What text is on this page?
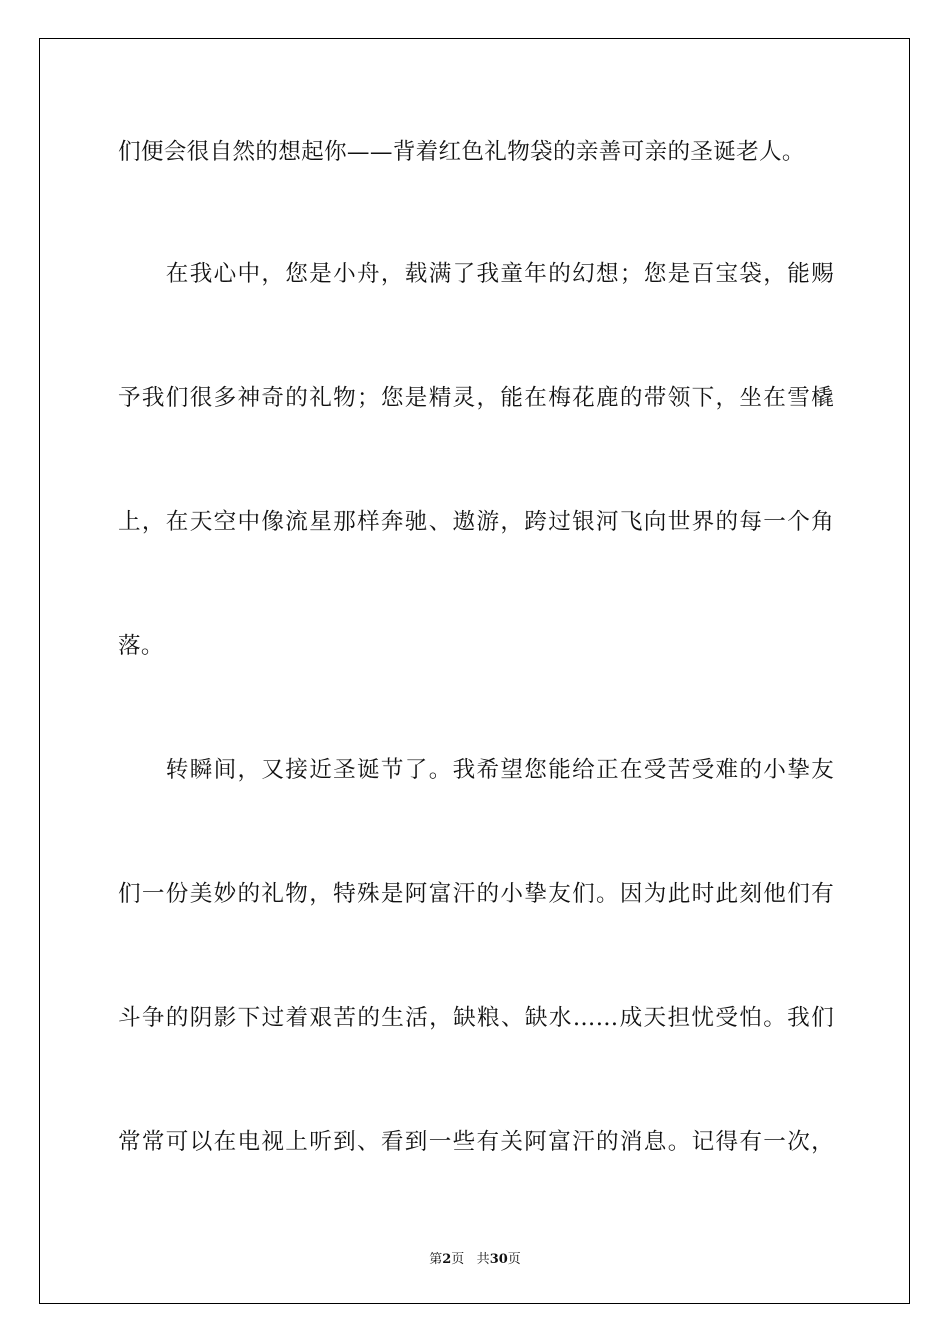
们便会很自然的想起你——背着红色礼物袋的亲善可亲的圣诞老人。
　　在我心中，您是小舟，载满了我童年的幻想；您是百宝袋，能赐
予我们很多神奇的礼物；您是精灵，能在梅花鹿的带领下，坐在雪橇
上，在天空中像流星那样奔驰、遨游，跨过银河飞向世界的每一个角
落。
　　转瞬间，又接近圣诞节了。我希望您能给正在受苦受难的小挚友
们一份美妙的礼物，特殊是阿富汗的小挚友们。因为此时此刻他们有
斗争的阴影下过着艰苦的生活，缺粮、缺水……成天担忧受怕。我们
常常可以在电视上听到、看到一些有关阿富汗的消息。记得有一次，
第2页 共30页
